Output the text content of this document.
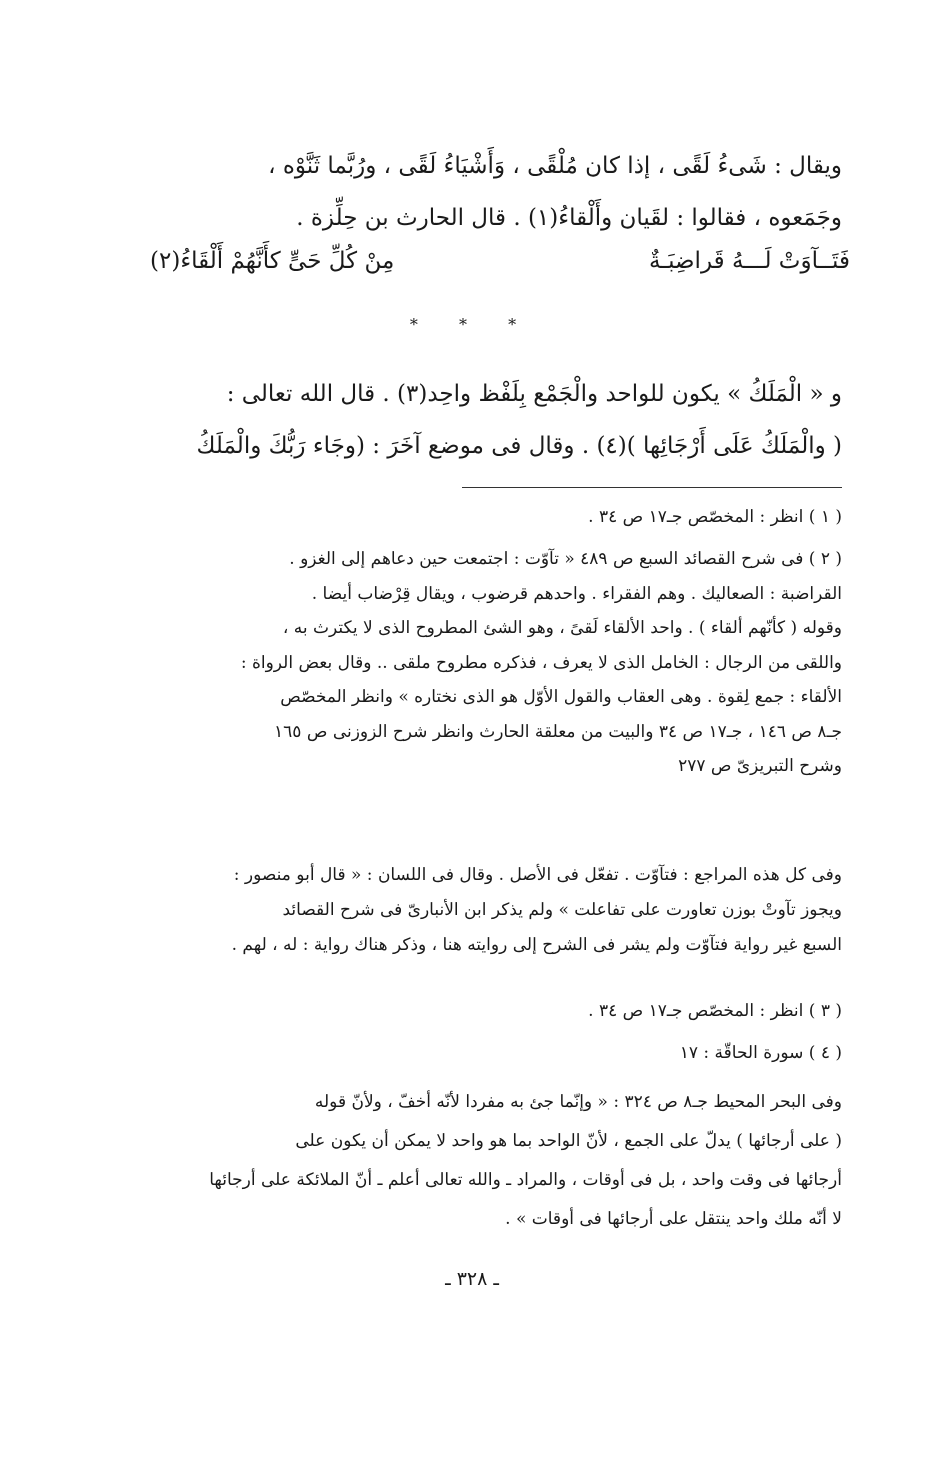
ويقال : شَىءُ لَقًى ، إذا كان مُلْقًى ، وَأَشْيَاءُ لَقًى ، ورُبَّما ثَنَّوْه ،
وجَمَعوه ، فقالوا : لقَيان وأَلْقاءُ(١) . قال الحارث بن حِلِّزة .
فَتَــآوَتْ لَـــهُ قَراضِبَـةٌ
مِنْ كُلِّ حَىٍّ كأَنَّهُمْ أَلْقَاءُ(٢)
* * *
و « الْمَلَكُ » يكون للواحد والْجَمْع بِلَفْظ واحِد(٣) . قال الله تعالى :
( والْمَلَكُ عَلَى أَرْجَائِها )(٤) . وقال فى موضع آخَرَ : (وجَاء رَبُّكَ والْمَلَكُ
( ١ ) انظر : المخصّص جـ١٧ ص ٣٤ .
( ٢ ) فى شرح القصائد السبع ص ٤٨٩ « تآوّت : اجتمعت حين دعاهم إلى الغزو .
القراضبة : الصعاليك . وهم الفقراء . واحدهم قرضوب ، ويقال قِرْضاب أيضا .
وقوله ( كأنّهم ألقاء ) . واحد الألقاء لَقىً ، وهو الشئ المطروح الذى لا يكترث به ،
واللقى من الرجال : الخامل الذى لا يعرف ، فذكره مطروح ملقى .. وقال بعض الرواة :
الألقاء : جمع لِقوة . وهى العقاب والقول الأوّل هو الذى نختاره » وانظر المخصّص
جـ٨ ص ١٤٦ ، جـ١٧ ص ٣٤ والبيت من معلقة الحارث وانظر شرح الزوزنى ص ١٦٥
وشرح التبريزىّ ص ٢٧٧
وفى كل هذه المراجع : فتآوّت . تفعّل فى الأصل . وقال فى اللسان : « قال أبو منصور :
ويجوز تآوتْ بوزن تعاورت على تفاعلت » ولم يذكر ابن الأنبارىّ فى شرح القصائد
السبع غير رواية فتآوّت ولم يشر فى الشرح إلى روايته هنا ، وذكر هناك رواية : له ، لهم .
( ٣ ) انظر : المخصّص جـ١٧ ص ٣٤ .
( ٤ ) سورة الحاقّة : ١٧
وفى البحر المحيط جـ٨ ص ٣٢٤ : « وإنّما جئ به مفردا لأنّه أخفّ ، ولأنّ قوله
( على أرجائها ) يدلّ على الجمع ، لأنّ الواحد بما هو واحد لا يمكن أن يكون على
أرجائها فى وقت واحد ، بل فى أوقات ، والمراد ـ والله تعالى أعلم ـ أنّ الملائكة على أرجائها
لا أنّه ملك واحد ينتقل على أرجائها فى أوقات » .
ـ ٣٢٨ ـ
